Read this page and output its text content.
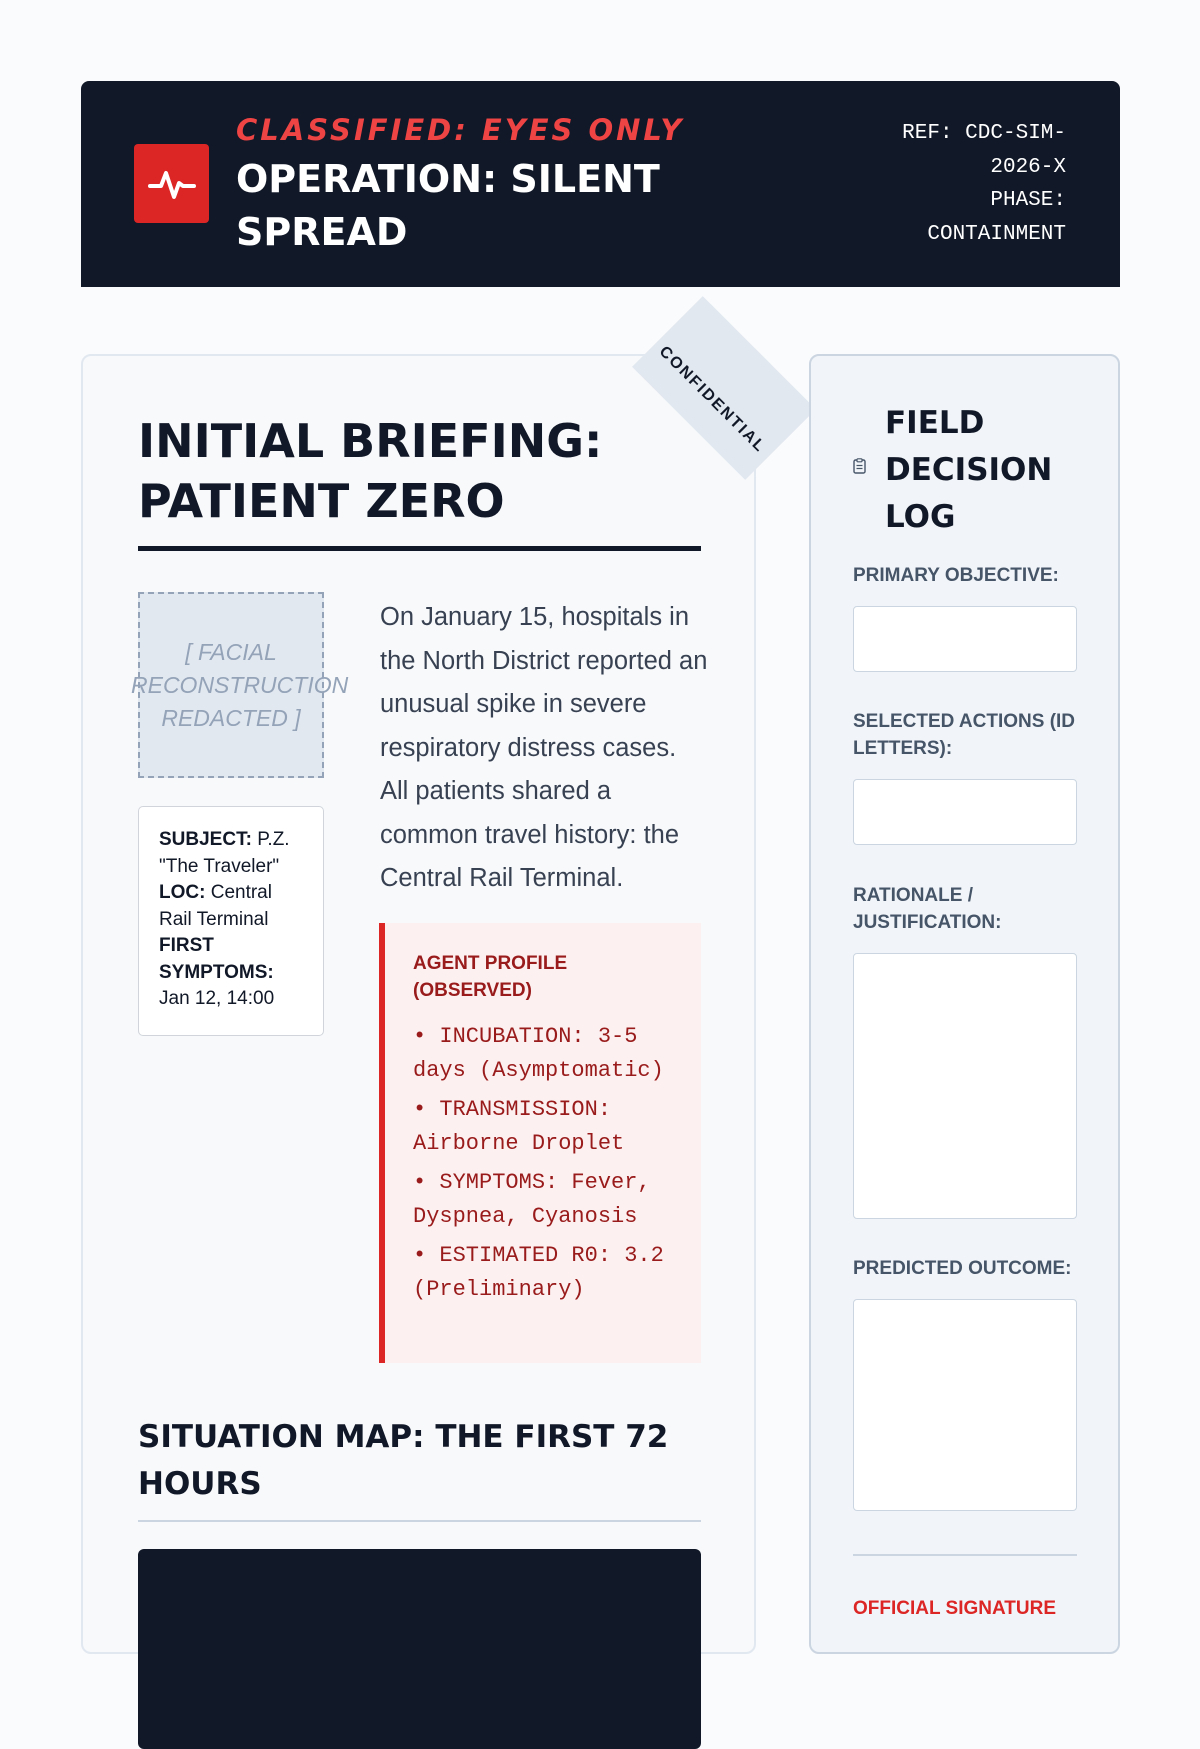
CLASSIFIED: EYES ONLY
OPERATION: SILENT SPREAD
REF: CDC-SIM-2026-X
PHASE: CONTAINMENT
CONFIDENTIAL
INITIAL BRIEFING: PATIENT ZERO
[ FACIAL RECONSTRUCTION REDACTED ]
SUBJECT: P.Z. "The Traveler"
LOC: Central Rail Terminal
FIRST SYMPTOMS:
Jan 12, 14:00

On January 15, hospitals in the North District reported an unusual spike in severe respiratory distress cases. All patients shared a common travel history: the Central Rail Terminal.

AGENT PROFILE (OBSERVED)
• INCUBATION: 3-5 days (Asymptomatic)
• TRANSMISSION: Airborne Droplet
• SYMPTOMS: Fever, Dyspnea, Cyanosis
• ESTIMATED R0: 3.2 (Preliminary)
SITUATION MAP: THE FIRST 72 HOURS
FIELD DECISION LOG
PRIMARY OBJECTIVE:
SELECTED ACTIONS (ID LETTERS):
RATIONALE / JUSTIFICATION:
PREDICTED OUTCOME:
OFFICIAL SIGNATURE
